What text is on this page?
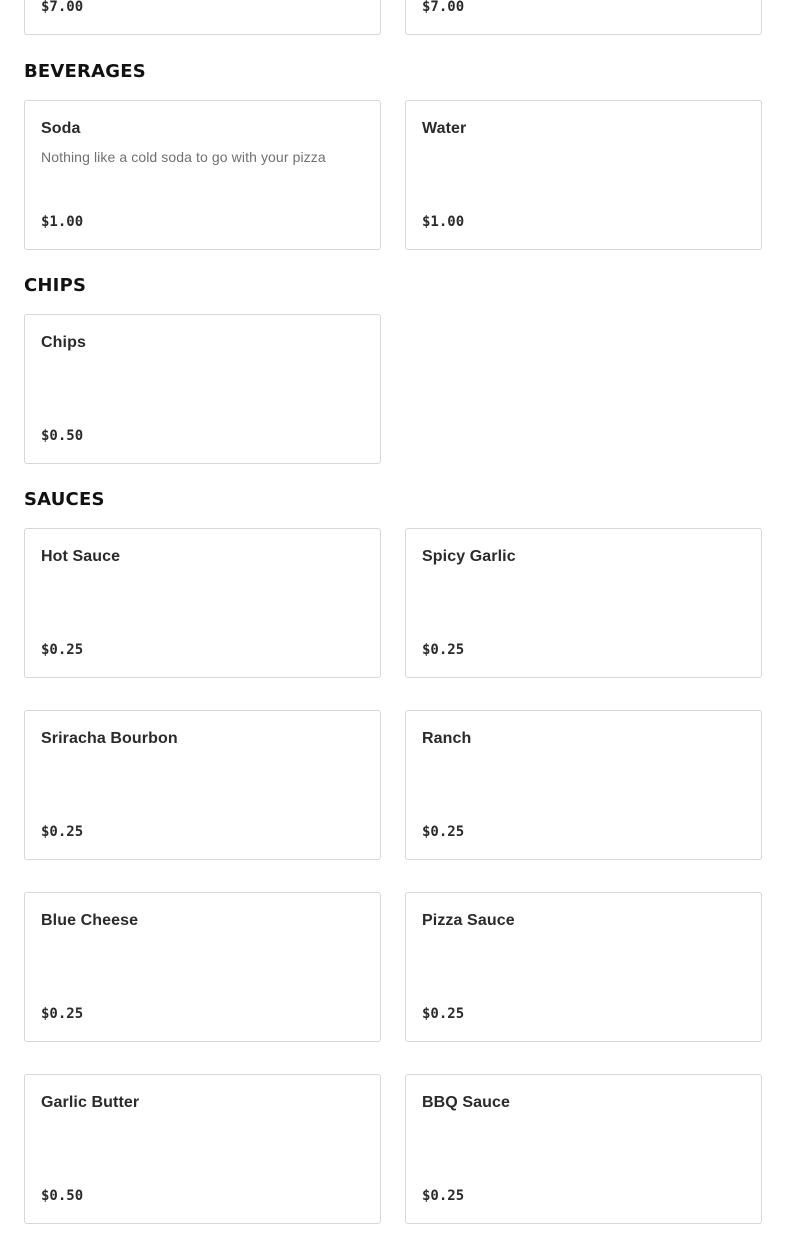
$7.00	$7.00
BEVERAGES
Soda
Nothing like a cold soda to go with your pizza
$1.00
Water
$1.00
CHIPS
Chips
$0.50
SAUCES
Hot Sauce
$0.25
Spicy Garlic
$0.25
Sriracha Bourbon
$0.25
Ranch
$0.25
Blue Cheese
$0.25
Pizza Sauce
$0.25
Garlic Butter
$0.50
BBQ Sauce
$0.25
